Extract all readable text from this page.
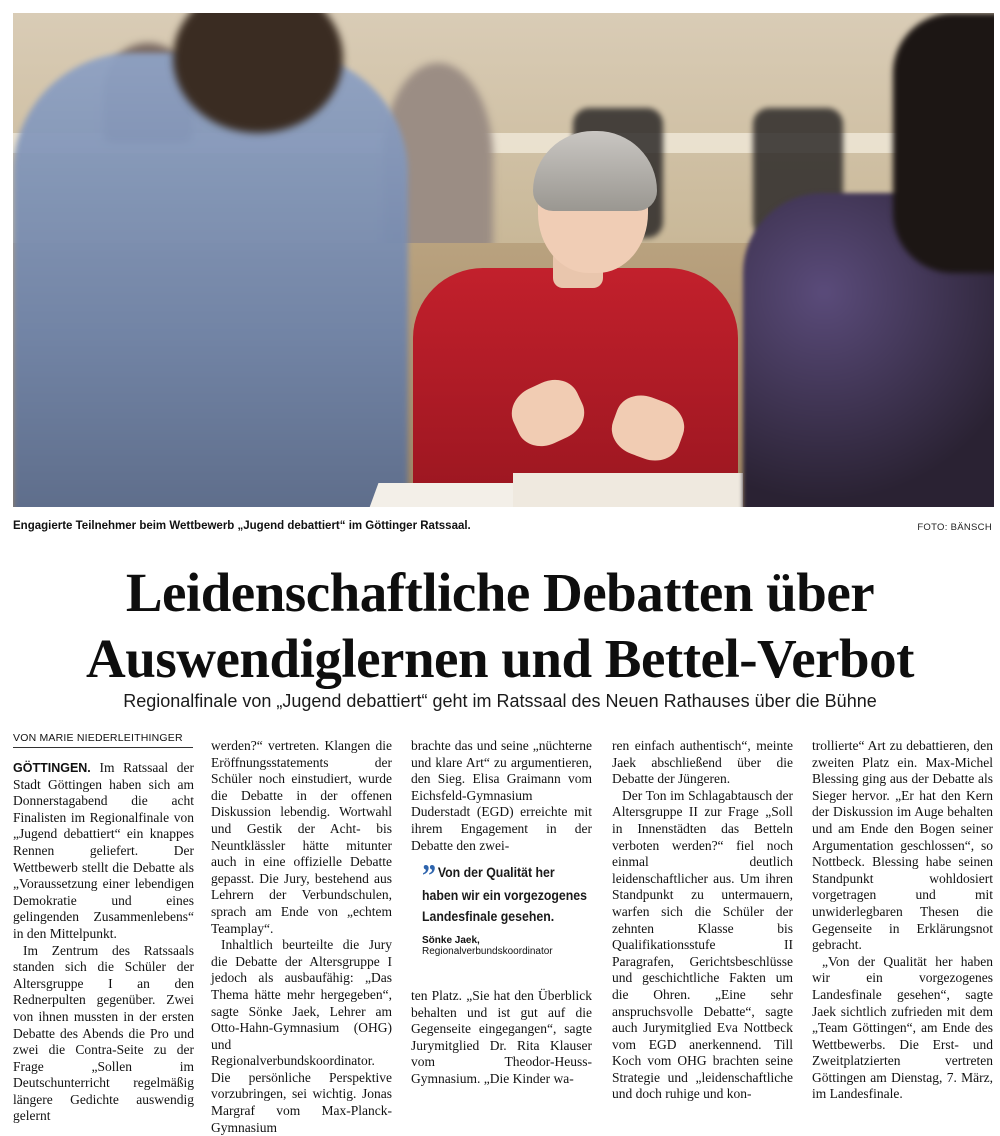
Engagierte Teilnehmer beim Wettbewerb „Jugend debattiert“ im Göttinger Ratssaal.	FOTO: BÄNSCH
Leidenschaftliche Debatten über
Auswendiglernen und Bettel-Verbot
Regionalfinale von „Jugend debattiert“ geht im Ratssaal des Neuen Rathauses über die Bühne
VON MARIE NIEDERLEITHINGER

GÖTTINGEN. Im Ratssaal der Stadt Göttingen haben sich am Donnerstagabend die acht Finalisten im Regionalfinale von „Jugend debattiert“ ein knappes Rennen geliefert. Der Wettbewerb stellt die Debatte als „Voraussetzung einer lebendigen Demokratie und eines gelingenden Zusammenlebens“ in den Mittelpunkt.

Im Zentrum des Ratssaals standen sich die Schüler der Altersgruppe I an den Rednerpulten gegenüber. Zwei von ihnen mussten in der ersten Debatte des Abends die Pro und zwei die Contra-Seite zu der Frage „Sollen im Deutschunterricht regelmäßig längere Gedichte auswendig gelernt

werden?“ vertreten. Klangen die Eröffnungsstatements der Schüler noch einstudiert, wurde die Debatte in der offenen Diskussion lebendig. Wortwahl und Gestik der Acht- bis Neuntklässler hätte mitunter auch in eine offizielle Debatte gepasst. Die Jury, bestehend aus Lehrern der Verbundschulen, sprach am Ende von „echtem Teamplay“.

Inhaltlich beurteilte die Jury die Debatte der Altersgruppe I jedoch als ausbaufähig: „Das Thema hätte mehr hergegeben“, sagte Sönke Jaek, Lehrer am Otto-Hahn-Gymnasium (OHG) und Regionalverbundskoordinator. Die persönliche Perspektive vorzubringen, sei wichtig. Jonas Margraf vom Max-Planck-Gymnasium

brachte das und seine „nüchterne und klare Art“ zu argumentieren, den Sieg. Elisa Graimann vom Eichsfeld-Gymnasium Duderstadt (EGD) erreichte mit ihrem Engagement in der Debatte den zwei-

” Von der Qualität her haben wir ein vorgezogenes Landesfinale gesehen.
Sönke Jaek,
Regionalverbundskoordinator

ten Platz. „Sie hat den Überblick behalten und ist gut auf die Gegenseite eingegangen“, sagte Jurymitglied Dr. Rita Klauser vom Theodor-Heuss-Gymnasium. „Die Kinder wa-

ren einfach authentisch“, meinte Jaek abschließend über die Debatte der Jüngeren.

Der Ton im Schlagabtausch der Altersgruppe II zur Frage „Soll in Innenstädten das Betteln verboten werden?“ fiel noch einmal deutlich leidenschaftlicher aus. Um ihren Standpunkt zu untermauern, warfen sich die Schüler der zehnten Klasse bis Qualifikationsstufe II Paragrafen, Gerichtsbeschlüsse und geschichtliche Fakten um die Ohren. „Eine sehr anspruchsvolle Debatte“, sagte auch Jurymitglied Eva Nottbeck vom EGD anerkennend. Till Koch vom OHG brachten seine Strategie und „leidenschaftliche und doch ruhige und kon-

trollierte“ Art zu debattieren, den zweiten Platz ein. Max-Michel Blessing ging aus der Debatte als Sieger hervor. „Er hat den Kern der Diskussion im Auge behalten und am Ende den Bogen seiner Argumentation geschlossen“, so Nottbeck. Blessing habe seinen Standpunkt wohldosiert vorgetragen und mit unwiderlegbaren Thesen die Gegenseite in Erklärungsnot gebracht.

„Von der Qualität her haben wir ein vorgezogenes Landesfinale gesehen“, sagte Jaek sichtlich zufrieden mit dem „Team Göttingen“, am Ende des Wettbewerbs. Die Erst- und Zweitplatzierten vertreten Göttingen am Dienstag, 7. März, im Landesfinale.
